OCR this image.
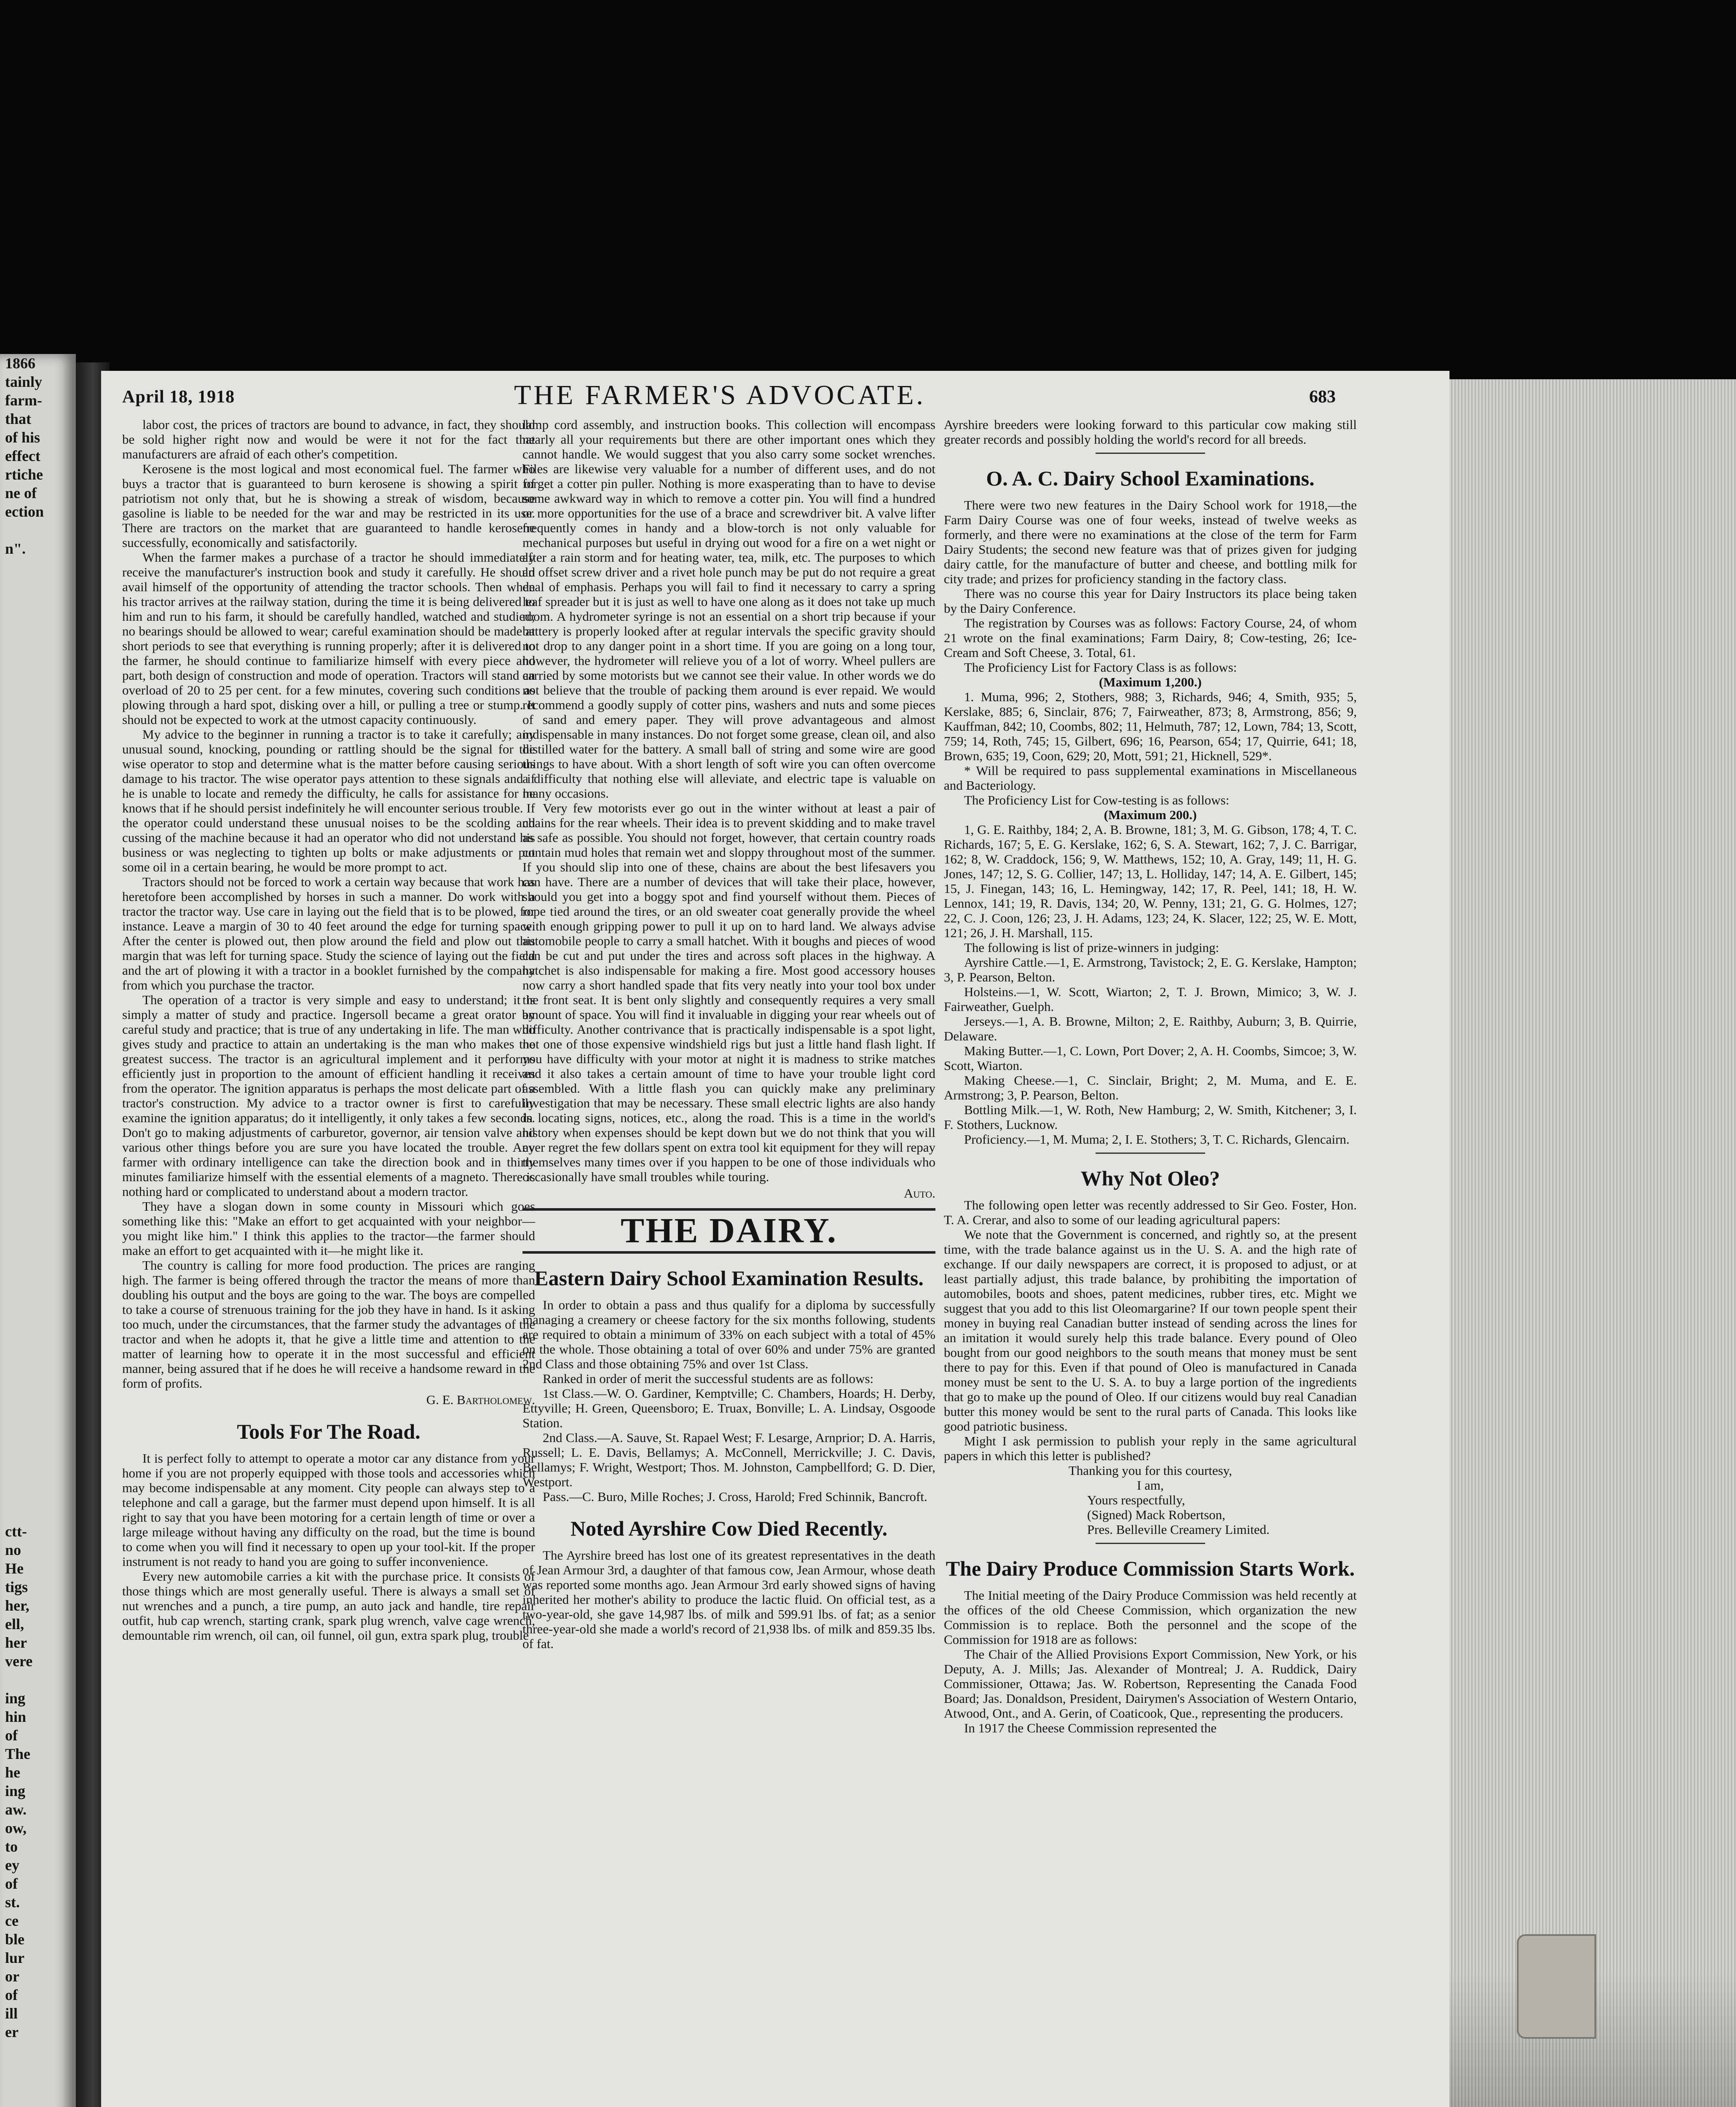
1866
tainly
farm-
that
of his
effect
rtiche
ne of
ection

n".

ctt-
no
He
tigs
her,
ell,
her
vere

ing
hin
of
The
he
ing
aw.
ow,
to
ey
of
st.
ce
ble
lur
or
of
ill
er
April 18, 1918	THE FARMER'S ADVOCATE.	683

labor cost, the prices of tractors are bound to advance, in fact, they should be sold higher right now and would be were it not for the fact that manufacturers are afraid of each other's competition.

Kerosene is the most logical and most economical fuel. The farmer who buys a tractor that is guaranteed to burn kerosene is showing a spirit of patriotism not only that, but he is showing a streak of wisdom, because gasoline is liable to be needed for the war and may be restricted in its use. There are tractors on the market that are guaranteed to handle kerosene successfully, economically and satisfactorily.

When the farmer makes a purchase of a tractor he should immediately receive the manufacturer's instruction book and study it carefully. He should avail himself of the opportunity of attending the tractor schools. Then when his tractor arrives at the railway station, during the time it is being delivered to him and run to his farm, it should be carefully handled, watched and studied; no bearings should be allowed to wear; careful examination should be made at short periods to see that everything is running properly; after it is delivered to the farmer, he should continue to familiarize himself with every piece and part, both design of construction and mode of operation. Tractors will stand an overload of 20 to 25 per cent. for a few minutes, covering such conditions as plowing through a hard spot, disking over a hill, or pulling a tree or stump. It should not be expected to work at the utmost capacity continuously.

My advice to the beginner in running a tractor is to take it carefully; any unusual sound, knocking, pounding or rattling should be the signal for the wise operator to stop and determine what is the matter before causing serious damage to his tractor. The wise operator pays attention to these signals and if he is unable to locate and remedy the difficulty, he calls for assistance for he knows that if he should persist indefinitely he will encounter serious trouble. If the operator could understand these unusual noises to be the scolding and cussing of the machine because it had an operator who did not understand his business or was neglecting to tighten up bolts or make adjustments or put some oil in a certain bearing, he would be more prompt to act.

Tractors should not be forced to work a certain way because that work has heretofore been accomplished by horses in such a manner. Do work with a tractor the tractor way. Use care in laying out the field that is to be plowed, for instance. Leave a margin of 30 to 40 feet around the edge for turning space. After the center is plowed out, then plow around the field and plow out this margin that was left for turning space. Study the science of laying out the field and the art of plowing it with a tractor in a booklet furnished by the company from which you purchase the tractor.

The operation of a tractor is very simple and easy to understand; it is simply a matter of study and practice. Ingersoll became a great orator by careful study and practice; that is true of any undertaking in life. The man who gives study and practice to attain an undertaking is the man who makes the greatest success. The tractor is an agricultural implement and it performs efficiently just in proportion to the amount of efficient handling it receives from the operator. The ignition apparatus is perhaps the most delicate part of a tractor's construction. My advice to a tractor owner is first to carefully examine the ignition apparatus; do it intelligently, it only takes a few seconds. Don't go to making adjustments of carburetor, governor, air tension valve and various other things before you are sure you have located the trouble. Any farmer with ordinary intelligence can take the direction book and in thirty minutes familiarize himself with the essential elements of a magneto. There is nothing hard or complicated to understand about a modern tractor.

They have a slogan down in some county in Missouri which goes something like this: "Make an effort to get acquainted with your neighbor—you might like him." I think this applies to the tractor—the farmer should make an effort to get acquainted with it—he might like it.

The country is calling for more food production. The prices are ranging high. The farmer is being offered through the tractor the means of more than doubling his output and the boys are going to the war. The boys are compelled to take a course of strenuous training for the job they have in hand. Is it asking too much, under the circumstances, that the farmer study the advantages of the tractor and when he adopts it, that he give a little time and attention to the matter of learning how to operate it in the most successful and efficient manner, being assured that if he does he will receive a handsome reward in the form of profits.

G. E. Bartholomew.

Tools For The Road.

It is perfect folly to attempt to operate a motor car any distance from your home if you are not properly equipped with those tools and accessories which may become indispensable at any moment. City people can always step to a telephone and call a garage, but the farmer must depend upon himself. It is all right to say that you have been motoring for a certain length of time or over a large mileage without having any difficulty on the road, but the time is bound to come when you will find it necessary to open up your tool-kit. If the proper instrument is not ready to hand you are going to suffer inconvenience.

Every new automobile carries a kit with the purchase price. It consists of those things which are most generally useful. There is always a small set of nut wrenches and a punch, a tire pump, an auto jack and handle, tire repair outfit, hub cap wrench, starting crank, spark plug wrench, valve cage wrench, demountable rim wrench, oil can, oil funnel, oil gun, extra spark plug, trouble

lamp cord assembly, and instruction books. This collection will encompass nearly all your requirements but there are other important ones which they cannot handle. We would suggest that you also carry some socket wrenches. Files are likewise very valuable for a number of different uses, and do not forget a cotter pin puller. Nothing is more exasperating than to have to devise some awkward way in which to remove a cotter pin. You will find a hundred or more opportunities for the use of a brace and screwdriver bit. A valve lifter frequently comes in handy and a blow-torch is not only valuable for mechanical purposes but useful in drying out wood for a fire on a wet night or after a rain storm and for heating water, tea, milk, etc. The purposes to which an offset screw driver and a rivet hole punch may be put do not require a great deal of emphasis. Perhaps you will fail to find it necessary to carry a spring leaf spreader but it is just as well to have one along as it does not take up much room. A hydrometer syringe is not an essential on a short trip because if your battery is properly looked after at regular intervals the specific gravity should not drop to any danger point in a short time. If you are going on a long tour, however, the hydrometer will relieve you of a lot of worry. Wheel pullers are carried by some motorists but we cannot see their value. In other words we do not believe that the trouble of packing them around is ever repaid. We would recommend a goodly supply of cotter pins, washers and nuts and some pieces of sand and emery paper. They will prove advantageous and almost indispensable in many instances. Do not forget some grease, clean oil, and also distilled water for the battery. A small ball of string and some wire are good things to have about. With a short length of soft wire you can often overcome a difficulty that nothing else will alleviate, and electric tape is valuable on many occasions.

Very few motorists ever go out in the winter without at least a pair of chains for the rear wheels. Their idea is to prevent skidding and to make travel as safe as possible. You should not forget, however, that certain country roads contain mud holes that remain wet and sloppy throughout most of the summer. If you should slip into one of these, chains are about the best lifesavers you can have. There are a number of devices that will take their place, however, should you get into a boggy spot and find yourself without them. Pieces of rope tied around the tires, or an old sweater coat generally provide the wheel with enough gripping power to pull it up on to hard land. We always advise automobile people to carry a small hatchet. With it boughs and pieces of wood can be cut and put under the tires and across soft places in the highway. A hatchet is also indispensable for making a fire. Most good accessory houses now carry a short handled spade that fits very neatly into your tool box under the front seat. It is bent only slightly and consequently requires a very small amount of space. You will find it invaluable in digging your rear wheels out of difficulty. Another contrivance that is practically indispensable is a spot light, not one of those expensive windshield rigs but just a little hand flash light. If you have difficulty with your motor at night it is madness to strike matches and it also takes a certain amount of time to have your trouble light cord assembled. With a little flash you can quickly make any preliminary investigation that may be necessary. These small electric lights are also handy in locating signs, notices, etc., along the road. This is a time in the world's history when expenses should be kept down but we do not think that you will ever regret the few dollars spent on extra tool kit equipment for they will repay themselves many times over if you happen to be one of those individuals who occasionally have small troubles while touring.

Auto.

THE DAIRY.
Eastern Dairy School Examination Results.

In order to obtain a pass and thus qualify for a diploma by successfully managing a creamery or cheese factory for the six months following, students are required to obtain a minimum of 33% on each subject with a total of 45% on the whole. Those obtaining a total of over 60% and under 75% are granted 2nd Class and those obtaining 75% and over 1st Class.

Ranked in order of merit the successful students are as follows:

1st Class.—W. O. Gardiner, Kemptville; C. Chambers, Hoards; H. Derby, Ettyville; H. Green, Queensboro; E. Truax, Bonville; L. A. Lindsay, Osgoode Station.

2nd Class.—A. Sauve, St. Rapael West; F. Lesarge, Arnprior; D. A. Harris, Russell; L. E. Davis, Bellamys; A. McConnell, Merrickville; J. C. Davis, Bellamys; F. Wright, Westport; Thos. M. Johnston, Campbellford; G. D. Dier, Westport.

Pass.—C. Buro, Mille Roches; J. Cross, Harold; Fred Schinnik, Bancroft.

Noted Ayrshire Cow Died Recently.

The Ayrshire breed has lost one of its greatest representatives in the death of Jean Armour 3rd, a daughter of that famous cow, Jean Armour, whose death was reported some months ago. Jean Armour 3rd early showed signs of having inherited her mother's ability to produce the lactic fluid. On official test, as a two-year-old, she gave 14,987 lbs. of milk and 599.91 lbs. of fat; as a senior three-year-old she made a world's record of 21,938 lbs. of milk and 859.35 lbs. of fat.

Ayrshire breeders were looking forward to this particular cow making still greater records and possibly holding the world's record for all breeds.

O. A. C. Dairy School Examinations.

There were two new features in the Dairy School work for 1918,—the Farm Dairy Course was one of four weeks, instead of twelve weeks as formerly, and there were no examinations at the close of the term for Farm Dairy Students; the second new feature was that of prizes given for judging dairy cattle, for the manufacture of butter and cheese, and bottling milk for city trade; and prizes for proficiency standing in the factory class.

There was no course this year for Dairy Instructors its place being taken by the Dairy Conference.

The registration by Courses was as follows: Factory Course, 24, of whom 21 wrote on the final examinations; Farm Dairy, 8; Cow-testing, 26; Ice-Cream and Soft Cheese, 3. Total, 61.

The Proficiency List for Factory Class is as follows:

(Maximum 1,200.)

1. Muma, 996; 2, Stothers, 988; 3, Richards, 946; 4, Smith, 935; 5, Kerslake, 885; 6, Sinclair, 876; 7, Fairweather, 873; 8, Armstrong, 856; 9, Kauffman, 842; 10, Coombs, 802; 11, Helmuth, 787; 12, Lown, 784; 13, Scott, 759; 14, Roth, 745; 15, Gilbert, 696; 16, Pearson, 654; 17, Quirrie, 641; 18, Brown, 635; 19, Coon, 629; 20, Mott, 591; 21, Hicknell, 529*.

* Will be required to pass supplemental examinations in Miscellaneous and Bacteriology.

The Proficiency List for Cow-testing is as follows:

(Maximum 200.)

1, G. E. Raithby, 184; 2, A. B. Browne, 181; 3, M. G. Gibson, 178; 4, T. C. Richards, 167; 5, E. G. Kerslake, 162; 6, S. A. Stewart, 162; 7, J. C. Barrigar, 162; 8, W. Craddock, 156; 9, W. Matthews, 152; 10, A. Gray, 149; 11, H. G. Jones, 147; 12, S. G. Collier, 147; 13, L. Holliday, 147; 14, A. E. Gilbert, 145; 15, J. Finegan, 143; 16, L. Hemingway, 142; 17, R. Peel, 141; 18, H. W. Lennox, 141; 19, R. Davis, 134; 20, W. Penny, 131; 21, G. G. Holmes, 127; 22, C. J. Coon, 126; 23, J. H. Adams, 123; 24, K. Slacer, 122; 25, W. E. Mott, 121; 26, J. H. Marshall, 115.

The following is list of prize-winners in judging:

Ayrshire Cattle.—1, E. Armstrong, Tavistock; 2, E. G. Kerslake, Hampton; 3, P. Pearson, Belton.

Holsteins.—1, W. Scott, Wiarton; 2, T. J. Brown, Mimico; 3, W. J. Fairweather, Guelph.

Jerseys.—1, A. B. Browne, Milton; 2, E. Raithby, Auburn; 3, B. Quirrie, Delaware.

Making Butter.—1, C. Lown, Port Dover; 2, A. H. Coombs, Simcoe; 3, W. Scott, Wiarton.

Making Cheese.—1, C. Sinclair, Bright; 2, M. Muma, and E. E. Armstrong; 3, P. Pearson, Belton.

Bottling Milk.—1, W. Roth, New Hamburg; 2, W. Smith, Kitchener; 3, I. F. Stothers, Lucknow.

Proficiency.—1, M. Muma; 2, I. E. Stothers; 3, T. C. Richards, Glencairn.

Why Not Oleo?

The following open letter was recently addressed to Sir Geo. Foster, Hon. T. A. Crerar, and also to some of our leading agricultural papers:

We note that the Government is concerned, and rightly so, at the present time, with the trade balance against us in the U. S. A. and the high rate of exchange. If our daily newspapers are correct, it is proposed to adjust, or at least partially adjust, this trade balance, by prohibiting the importation of automobiles, boots and shoes, patent medicines, rubber tires, etc. Might we suggest that you add to this list Oleomargarine? If our town people spent their money in buying real Canadian butter instead of sending across the lines for an imitation it would surely help this trade balance. Every pound of Oleo bought from our good neighbors to the south means that money must be sent there to pay for this. Even if that pound of Oleo is manufactured in Canada money must be sent to the U. S. A. to buy a large portion of the ingredients that go to make up the pound of Oleo. If our citizens would buy real Canadian butter this money would be sent to the rural parts of Canada. This looks like good patriotic business.

Might I ask permission to publish your reply in the same agricultural papers in which this letter is published?

Thanking you for this courtesy,

I am,

Yours respectfully,

(Signed) Mack Robertson,

Pres. Belleville Creamery Limited.

The Dairy Produce Commission Starts Work.

The Initial meeting of the Dairy Produce Commission was held recently at the offices of the old Cheese Commission, which organization the new Commission is to replace. Both the personnel and the scope of the Commission for 1918 are as follows:

The Chair of the Allied Provisions Export Commission, New York, or his Deputy, A. J. Mills; Jas. Alexander of Montreal; J. A. Ruddick, Dairy Commissioner, Ottawa; Jas. W. Robertson, Representing the Canada Food Board; Jas. Donaldson, President, Dairymen's Association of Western Ontario, Atwood, Ont., and A. Gerin, of Coaticook, Que., representing the producers.

In 1917 the Cheese Commission represented the
